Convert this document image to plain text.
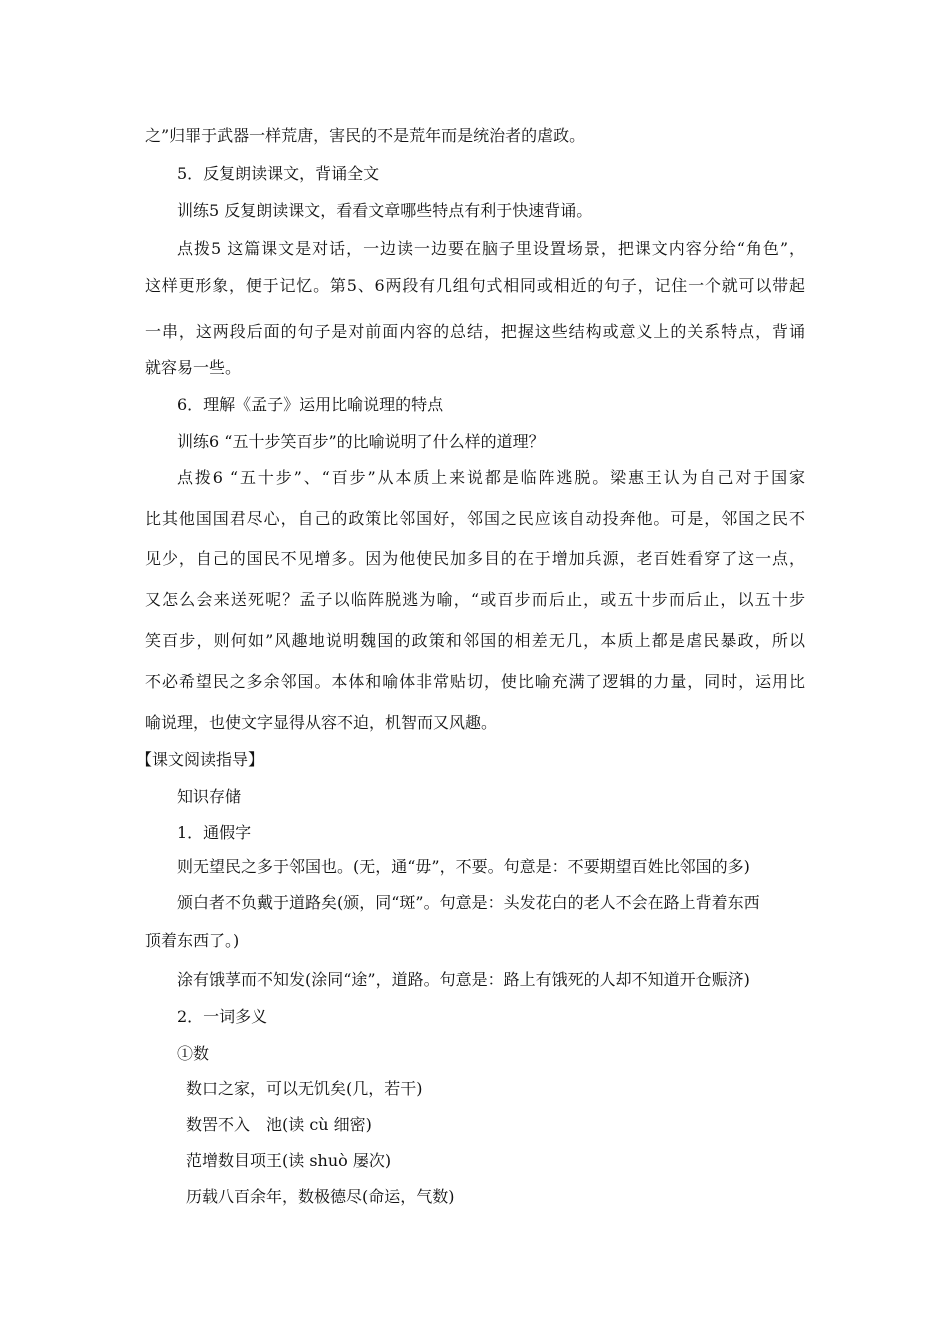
之”归罪于武器一样荒唐，害民的不是荒年而是统治者的虐政。

5．反复朗读课文，背诵全文

训练5 反复朗读课文，看看文章哪些特点有利于快速背诵。

点拨5 这篇课文是对话，一边读一边要在脑子里设置场景，把课文内容分给“角色”，

这样更形象，便于记忆。第5、6两段有几组句式相同或相近的句子，记住一个就可以带起

一串，这两段后面的句子是对前面内容的总结，把握这些结构或意义上的关系特点，背诵

就容易一些。

6．理解《孟子》运用比喻说理的特点

训练6 “五十步笑百步”的比喻说明了什么样的道理？

点拨6 “五十步”、“百步”从本质上来说都是临阵逃脱。梁惠王认为自己对于国家

比其他国国君尽心，自己的政策比邻国好，邻国之民应该自动投奔他。可是，邻国之民不

见少，自己的国民不见增多。因为他使民加多目的在于增加兵源，老百姓看穿了这一点，

又怎么会来送死呢？孟子以临阵脱逃为喻，“或百步而后止，或五十步而后止，以五十步

笑百步，则何如”风趣地说明魏国的政策和邻国的相差无几，本质上都是虐民暴政，所以

不必希望民之多余邻国。本体和喻体非常贴切，使比喻充满了逻辑的力量，同时，运用比

喻说理，也使文字显得从容不迫，机智而又风趣。

【课文阅读指导】

知识存储

1．通假字

则无望民之多于邻国也。(无，通“毋”，不要。句意是：不要期望百姓比邻国的多)

颁白者不负戴于道路矣(颁，同“斑”。句意是：头发花白的老人不会在路上背着东西

顶着东西了。)

涂有饿莩而不知发(涂同“途”，道路。句意是：路上有饿死的人却不知道开仓赈济)

2．一词多义

①数

数口之家，可以无饥矣(几，若干)

数罟不入　池(读 cù 细密)

范增数目项王(读 shuò 屡次)

历载八百余年，数极德尽(命运，气数)
